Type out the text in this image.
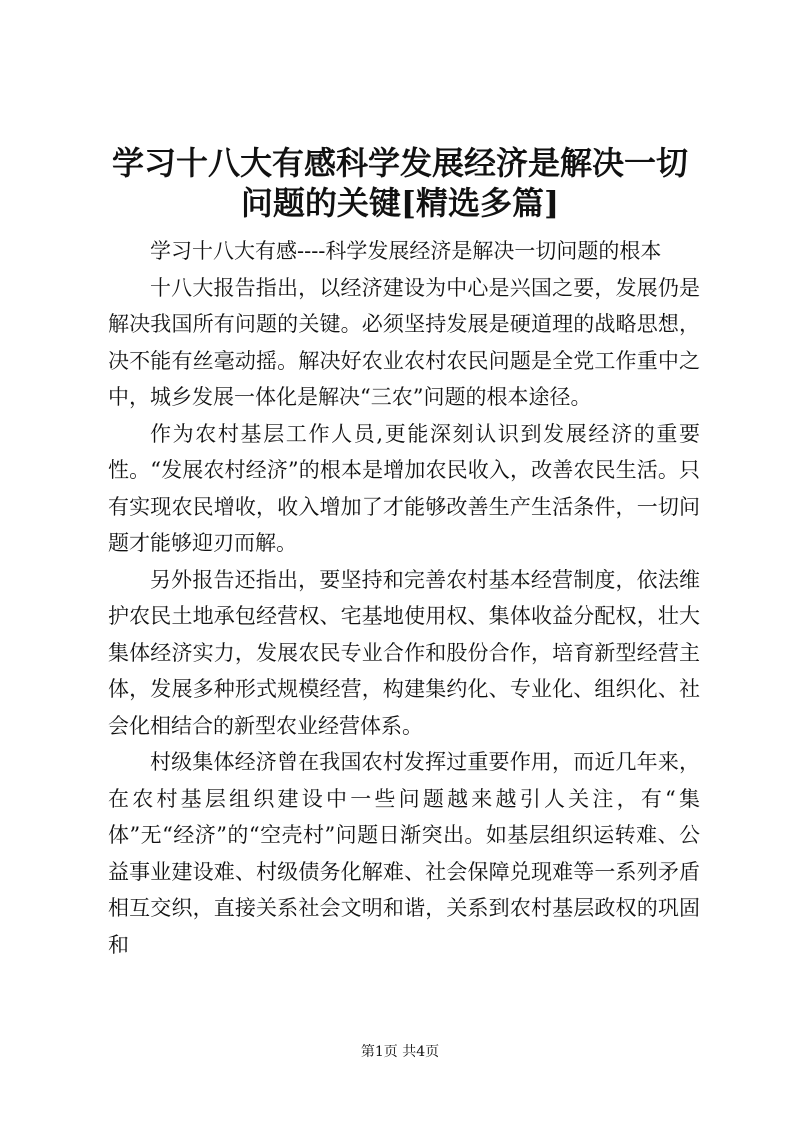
学习十八大有感科学发展经济是解决一切问题的关键[精选多篇]

学习十八大有感----科学发展经济是解决一切问题的根本

十八大报告指出，以经济建设为中心是兴国之要，发展仍是解决我国所有问题的关键。必须坚持发展是硬道理的战略思想，决不能有丝毫动摇。解决好农业农村农民问题是全党工作重中之中，城乡发展一体化是解决“三农”问题的根本途径。

作为农村基层工作人员,更能深刻认识到发展经济的重要性。“发展农村经济”的根本是增加农民收入，改善农民生活。只有实现农民增收，收入增加了才能够改善生产生活条件，一切问题才能够迎刃而解。

另外报告还指出，要坚持和完善农村基本经营制度，依法维护农民土地承包经营权、宅基地使用权、集体收益分配权，壮大集体经济实力，发展农民专业合作和股份合作，培育新型经营主体，发展多种形式规模经营，构建集约化、专业化、组织化、社会化相结合的新型农业经营体系。

村级集体经济曾在我国农村发挥过重要作用，而近几年来，在农村基层组织建设中一些问题越来越引人关注，有“集体”无“经济”的“空壳村”问题日渐突出。如基层组织运转难、公益事业建设难、村级债务化解难、社会保障兑现难等一系列矛盾相互交织，直接关系社会文明和谐，关系到农村基层政权的巩固和

第1页 共4页
